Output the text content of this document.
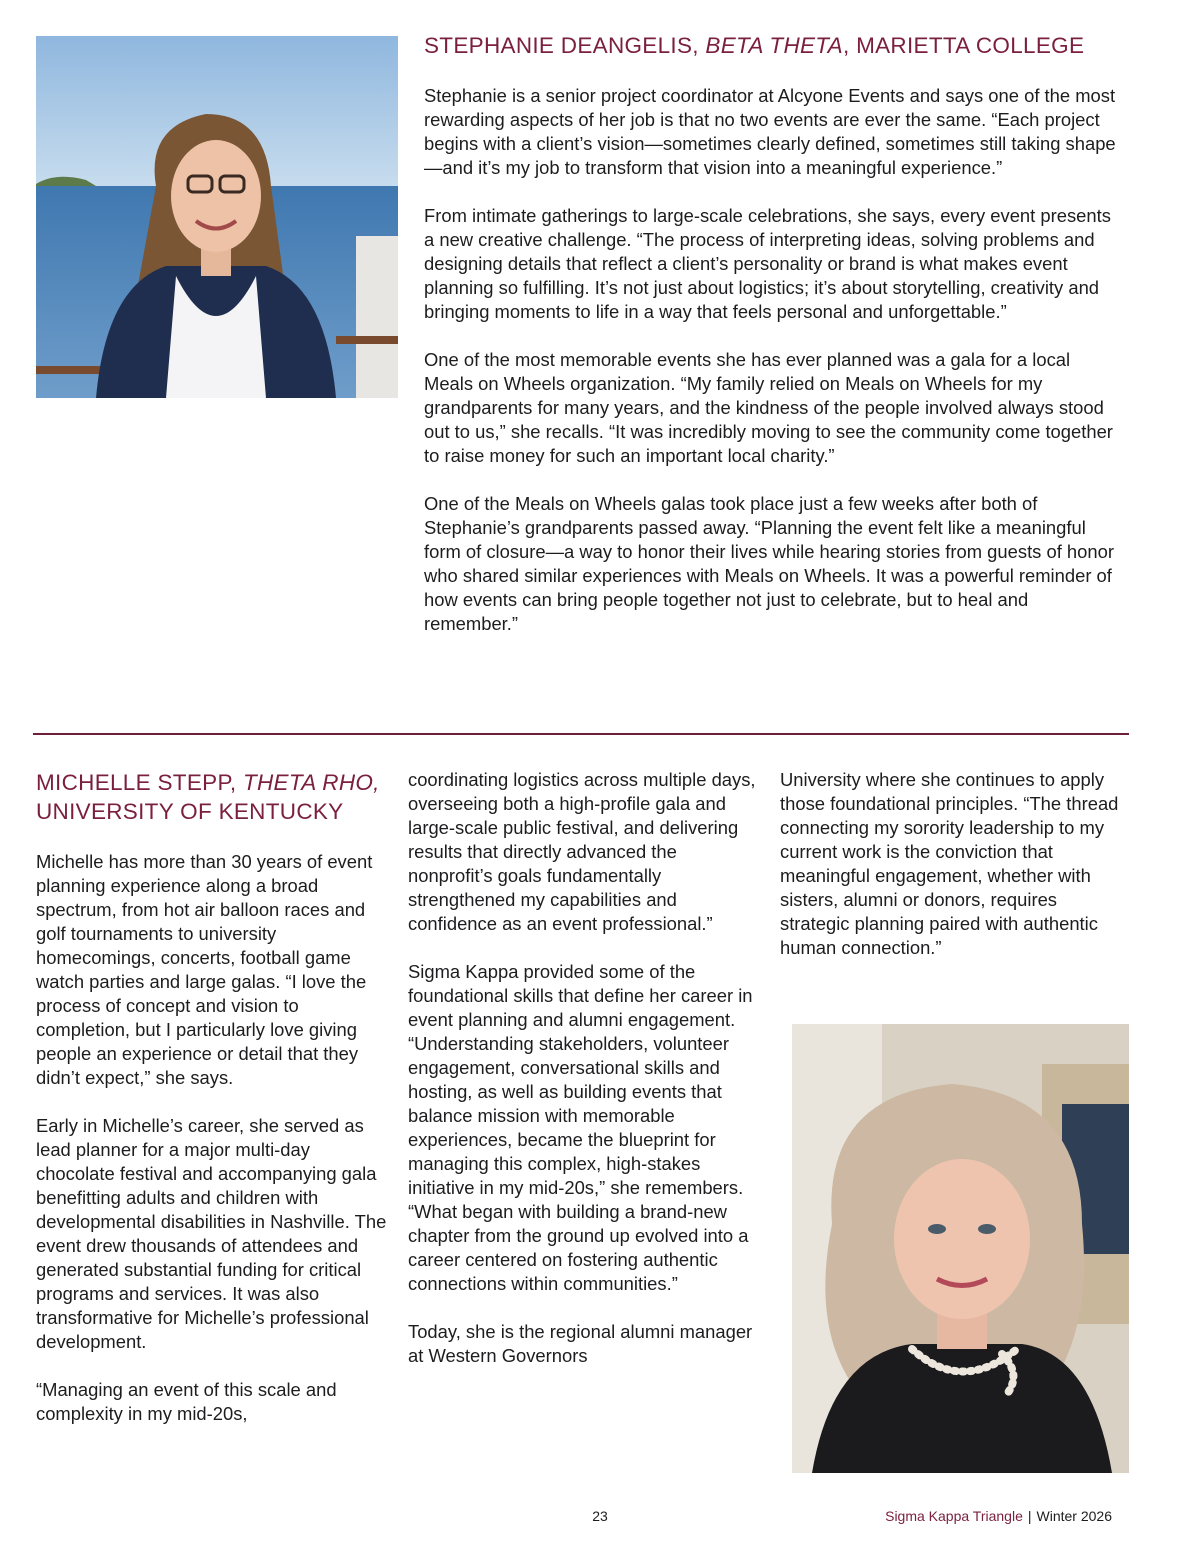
STEPHANIE DEANGELIS, BETA THETA, MARIETTA COLLEGE

Stephanie is a senior project coordinator at Alcyone Events and says one of the most rewarding aspects of her job is that no two events are ever the same. “Each project begins with a client’s vision—sometimes clearly defined, sometimes still taking shape—and it’s my job to transform that vision into a meaningful experience.”

From intimate gatherings to large-scale celebrations, she says, every event presents a new creative challenge. “The process of interpreting ideas, solving problems and designing details that reflect a client’s personality or brand is what makes event planning so fulfilling. It’s not just about logistics; it’s about storytelling, creativity and bringing moments to life in a way that feels personal and unforgettable.”

One of the most memorable events she has ever planned was a gala for a local Meals on Wheels organization. “My family relied on Meals on Wheels for my grandparents for many years, and the kindness of the people involved always stood out to us,” she recalls. “It was incredibly moving to see the community come together to raise money for such an important local charity.”

One of the Meals on Wheels galas took place just a few weeks after both of Stephanie’s grandparents passed away. “Planning the event felt like a meaningful form of closure—a way to honor their lives while hearing stories from guests of honor who shared similar experiences with Meals on Wheels. It was a powerful reminder of how events can bring people together not just to celebrate, but to heal and remember.”

MICHELLE STEPP, THETA RHO,
UNIVERSITY OF KENTUCKY

Michelle has more than 30 years of event planning experience along a broad spectrum, from hot air balloon races and golf tournaments to university homecomings, concerts, football game watch parties and large galas. “I love the process of concept and vision to completion, but I particularly love giving people an experience or detail that they didn’t expect,” she says.

Early in Michelle’s career, she served as lead planner for a major multi-day chocolate festival and accompanying gala benefitting adults and children with developmental disabilities in Nashville. The event drew thousands of attendees and generated substantial funding for critical programs and services. It was also transformative for Michelle’s professional development.

“Managing an event of this scale and complexity in my mid-20s,

coordinating logistics across multiple days, overseeing both a high-profile gala and large-scale public festival, and delivering results that directly advanced the nonprofit’s goals fundamentally strengthened my capabilities and confidence as an event professional.”

Sigma Kappa provided some of the foundational skills that define her career in event planning and alumni engagement. “Understanding stakeholders, volunteer engagement, conversational skills and hosting, as well as building events that balance mission with memorable experiences, became the blueprint for managing this complex, high-stakes initiative in my mid-20s,” she remembers. “What began with building a brand-new chapter from the ground up evolved into a career centered on fostering authentic connections within communities.”

Today, she is the regional alumni manager at Western Governors

University where she continues to apply those foundational principles. “The thread connecting my sorority leadership to my current work is the conviction that meaningful engagement, whether with sisters, alumni or donors, requires strategic planning paired with authentic human connection.”

23	Sigma Kappa Triangle | Winter 2026
